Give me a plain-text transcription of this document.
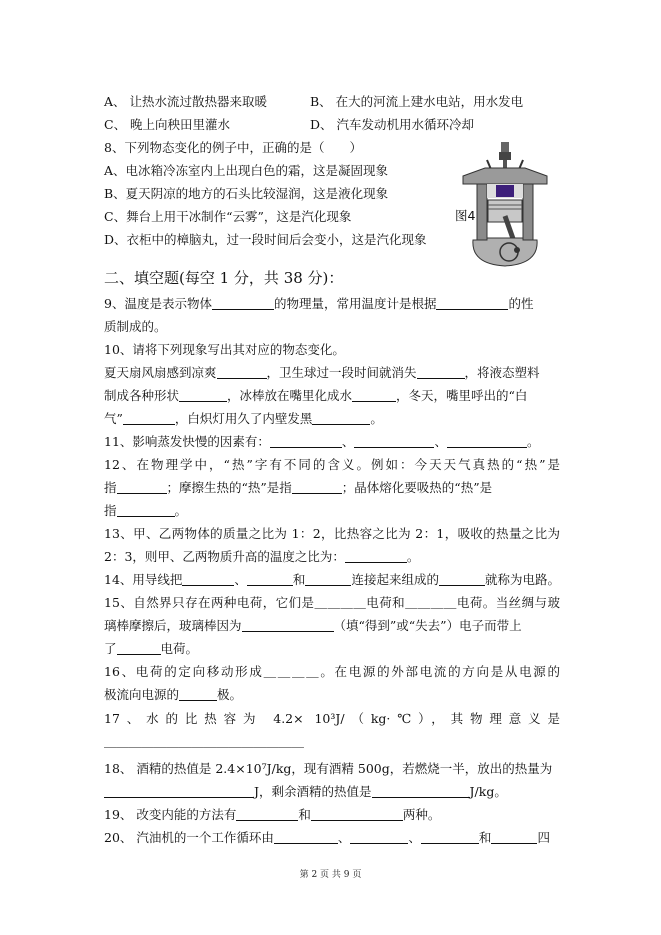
A、 让热水流过散热器来取暖	B、 在大的河流上建水电站，用水发电
C、 晚上向秧田里灌水	D、 汽车发动机用水循环冷却
8、下列物态变化的例子中，正确的是（　　）
A、电冰箱冷冻室内上出现白色的霜，这是凝固现象
B、夏天阴凉的地方的石头比较湿润，这是液化现象
C、舞台上用干冰制作“云雾”，这是汽化现象
D、衣柜中的樟脑丸，过一段时间后会变小，这是汽化现象
图4
二、填空题(每空 1 分，共 38 分)：
9、温度是表示物体	的物理量，常用温度计是根据	的性
质制成的。
10、请将下列现象写出其对应的物态变化。
夏天扇风扇感到凉爽	，卫生球过一段时间就消失	，将液态塑料
制成各种形状	，冰棒放在嘴里化成水	，冬天，嘴里呼出的“白
气”	，白炽灯用久了内壁发黑	。
11、影响蒸发快慢的因素有：	、	、	。
12、在物理学中，“热”字有不同的含义。例如：今天天气真热的“热”是
指	；摩擦生热的“热”是指	；晶体熔化要吸热的“热”是
指	。
13、甲、乙两物体的质量之比为 1：2，比热容之比为 2：1，吸收的热量之比为
2：3，则甲、乙两物质升高的温度之比为：	。
14、用导线把	、	和	连接起来组成的	就称为电路。
15、自然界只存在两种电荷，它们是＿＿＿＿电荷和＿＿＿＿电荷。当丝绸与玻
璃棒摩擦后，玻璃棒因为	（填“得到”或“失去”）电子而带上
了	电荷。
16、电荷的定向移动形成＿＿＿＿。在电源的外部电流的方向是从电源的
极流向电源的	极。
17、水的比热容为 4.2× 10³J/（kg·℃），其物理意义是
＿＿＿＿＿＿＿＿＿＿＿＿＿＿＿＿
18、 酒精的热值是 2.4×10⁷J/kg，现有酒精 500g，若燃烧一半，放出的热量为
J，剩余酒精的热值是	J/kg。
19、 改变内能的方法有	和	两种。
20、 汽油机的一个工作循环由	、	、	和	四
第 2 页 共 9 页
